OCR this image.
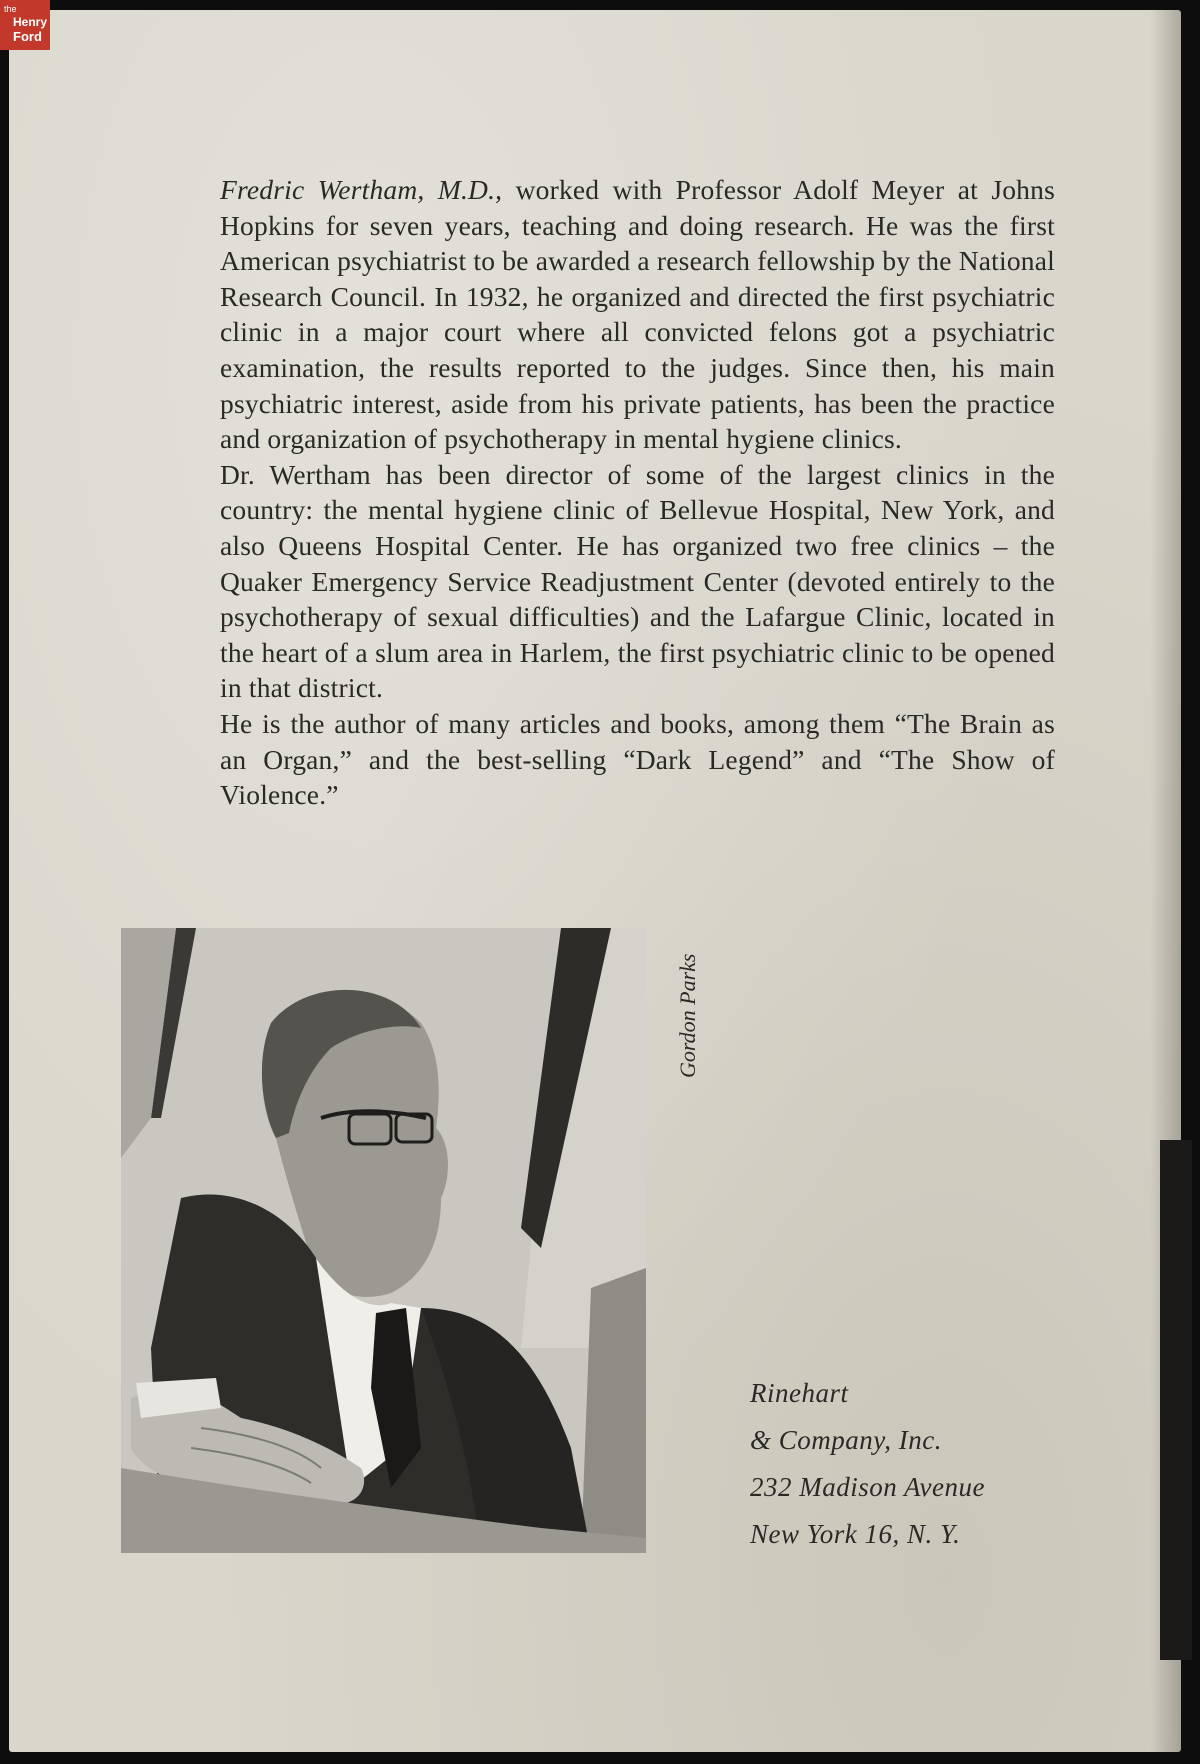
the
Henry
Ford

Fredric Wertham, M.D., worked with Professor Adolf Meyer at Johns Hopkins for seven years, teaching and doing research. He was the first American psychiatrist to be awarded a research fellowship by the National Research Council. In 1932, he organized and directed the first psychiatric clinic in a major court where all convicted felons got a psychiatric examination, the results reported to the judges. Since then, his main psychiatric interest, aside from his private patients, has been the practice and organization of psychotherapy in mental hygiene clinics.

Dr. Wertham has been director of some of the largest clinics in the country: the mental hygiene clinic of Bellevue Hospital, New York, and also Queens Hospital Center. He has organized two free clinics – the Quaker Emergency Service Readjustment Center (devoted entirely to the psychotherapy of sexual difficulties) and the Lafargue Clinic, located in the heart of a slum area in Harlem, the first psychiatric clinic to be opened in that district.

He is the author of many articles and books, among them “The Brain as an Organ,” and the best-selling “Dark Legend” and “The Show of Violence.”

Gordon Parks
Rinehart
& Company, Inc.
232 Madison Avenue
New York 16, N. Y.
